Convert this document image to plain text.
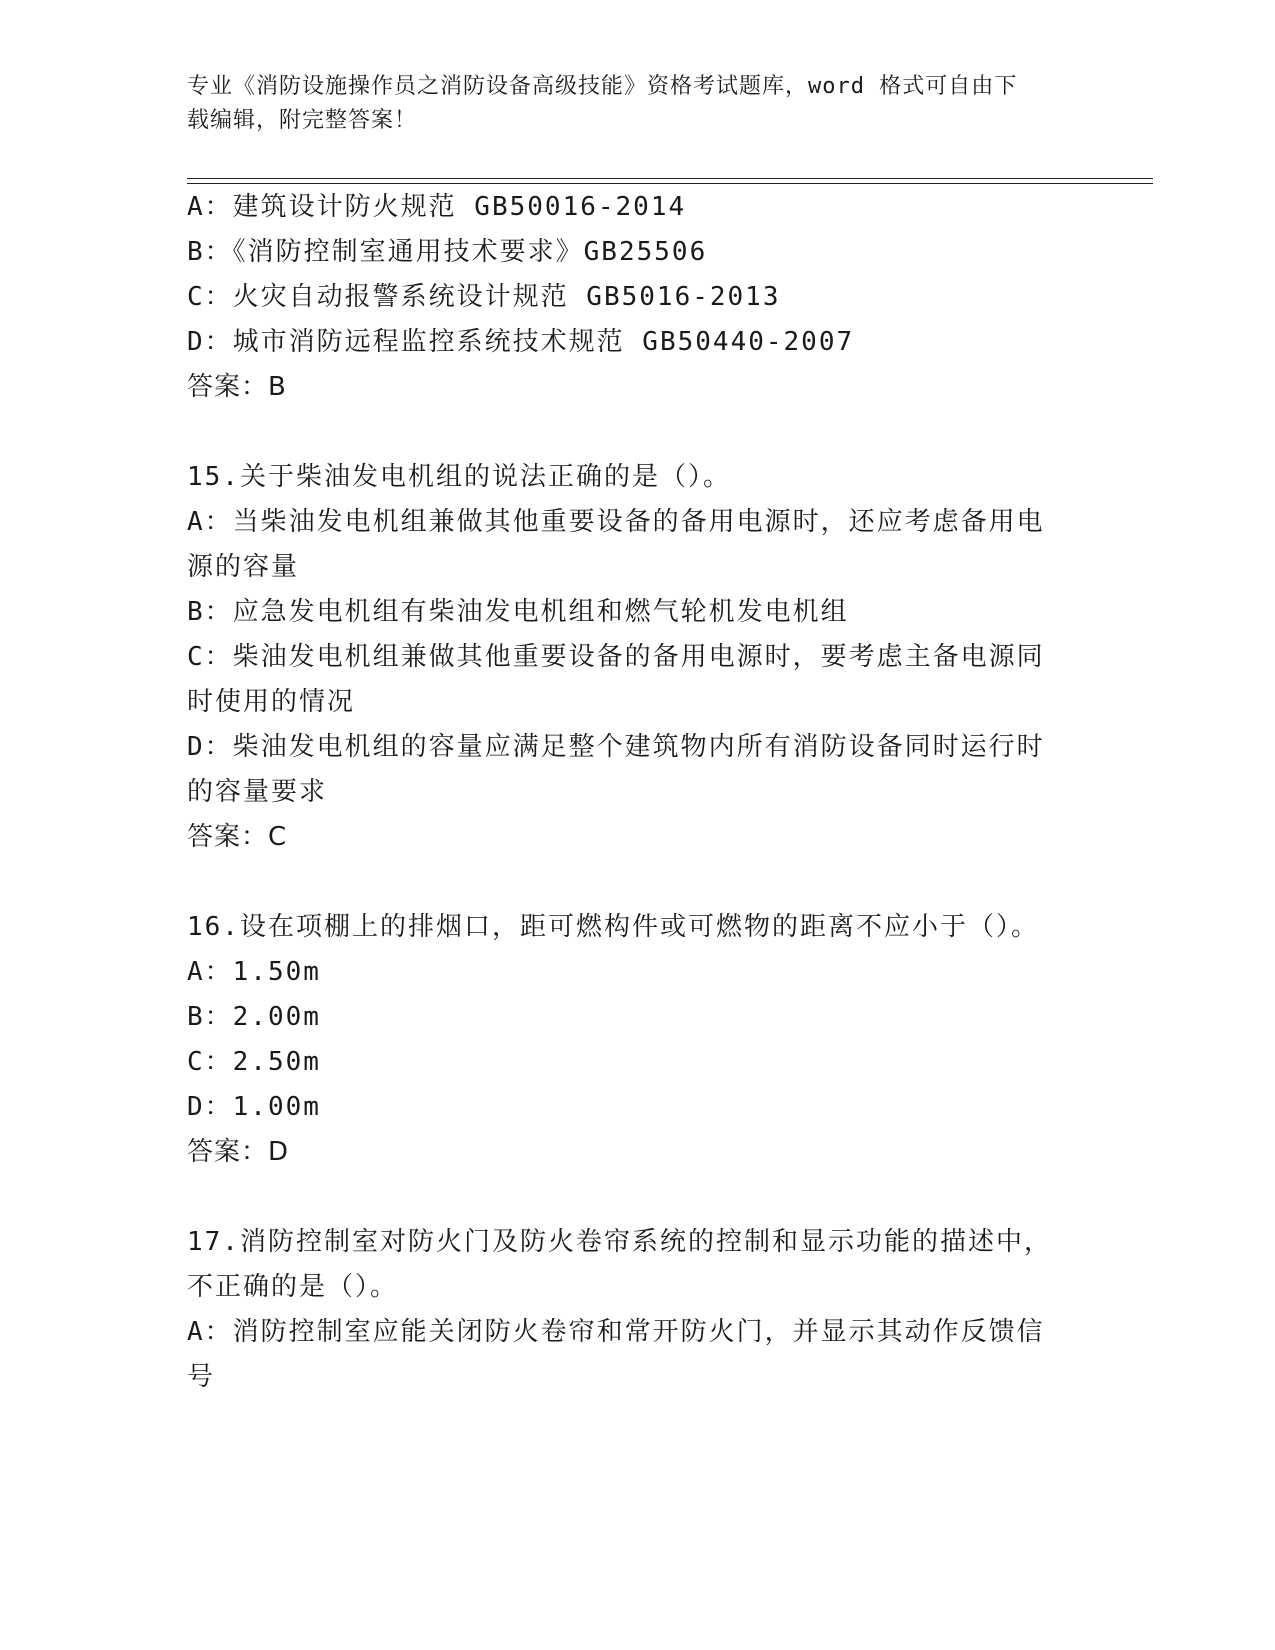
专业《消防设施操作员之消防设备高级技能》资格考试题库，word 格式可自由下
载编辑，附完整答案！

A：建筑设计防火规范 GB50016-2014

B：《消防控制室通用技术要求》GB25506

C：火灾自动报警系统设计规范 GB5016-2013

D：城市消防远程监控系统技术规范 GB50440-2007

答案：B

15.关于柴油发电机组的说法正确的是（）。

A：当柴油发电机组兼做其他重要设备的备用电源时，还应考虑备用电

源的容量

B：应急发电机组有柴油发电机组和燃气轮机发电机组

C：柴油发电机组兼做其他重要设备的备用电源时，要考虑主备电源同

时使用的情况

D：柴油发电机组的容量应满足整个建筑物内所有消防设备同时运行时

的容量要求

答案：C

16.设在项棚上的排烟口，距可燃构件或可燃物的距离不应小于（）。

A：1.50m

B：2.00m

C：2.50m

D：1.00m

答案：D

17.消防控制室对防火门及防火卷帘系统的控制和显示功能的描述中，

不正确的是（）。

A：消防控制室应能关闭防火卷帘和常开防火门，并显示其动作反馈信

号
